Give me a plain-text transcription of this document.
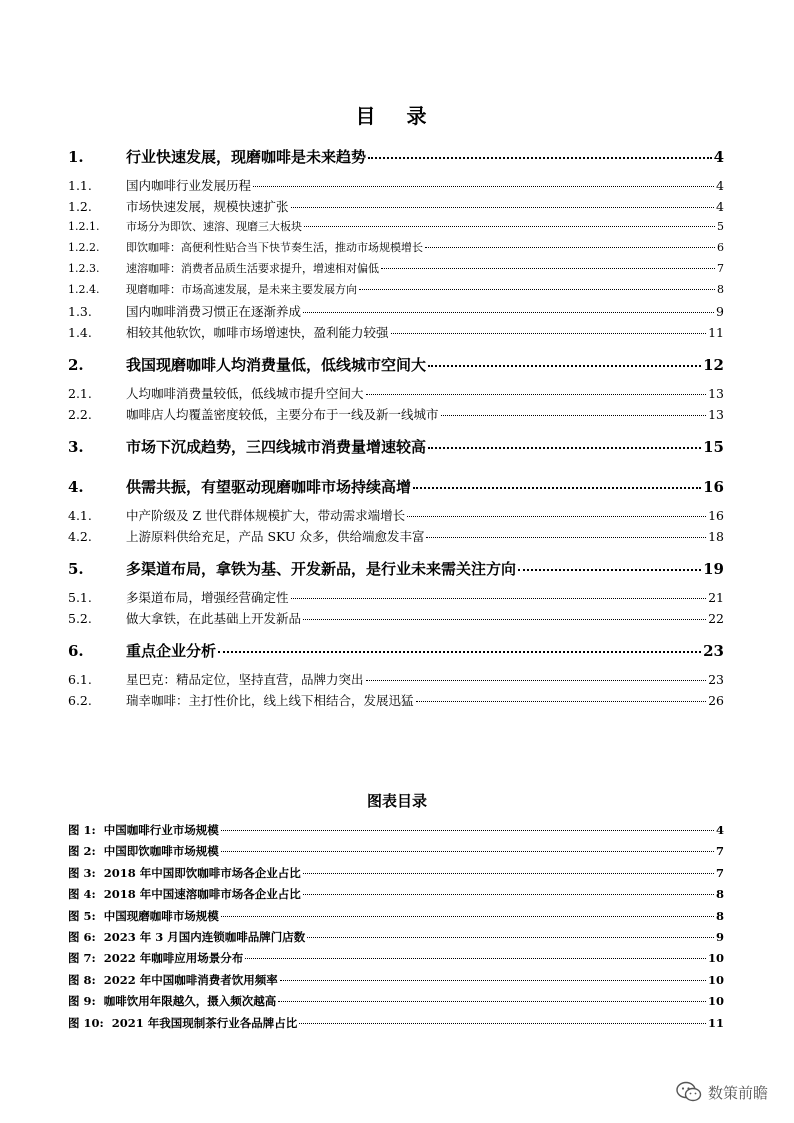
目 录
1.	行业快速发展，现磨咖啡是未来趋势	4
1.1.	国内咖啡行业发展历程	4
1.2.	市场快速发展，规模快速扩张	4
1.2.1.	市场分为即饮、速溶、现磨三大板块	5
1.2.2.	即饮咖啡：高便利性贴合当下快节奏生活，推动市场规模增长	6
1.2.3.	速溶咖啡：消费者品质生活要求提升，增速相对偏低	7
1.2.4.	现磨咖啡：市场高速发展，是未来主要发展方向	8
1.3.	国内咖啡消费习惯正在逐渐养成	9
1.4.	相较其他软饮，咖啡市场增速快，盈利能力较强	11
2.	我国现磨咖啡人均消费量低，低线城市空间大	12
2.1.	人均咖啡消费量较低，低线城市提升空间大	13
2.2.	咖啡店人均覆盖密度较低，主要分布于一线及新一线城市	13
3.	市场下沉成趋势，三四线城市消费量增速较高	15
4.	供需共振，有望驱动现磨咖啡市场持续高增	16
4.1.	中产阶级及 Z 世代群体规模扩大，带动需求端增长	16
4.2.	上游原料供给充足，产品 SKU 众多，供给端愈发丰富	18
5.	多渠道布局，拿铁为基、开发新品，是行业未来需关注方向	19
5.1.	多渠道布局，增强经营确定性	21
5.2.	做大拿铁，在此基础上开发新品	22
6.	重点企业分析	23
6.1.	星巴克：精品定位，坚持直营，品牌力突出	23
6.2.	瑞幸咖啡：主打性价比，线上线下相结合，发展迅猛	26
图表目录
图 1: 中国咖啡行业市场规模	4
图 2: 中国即饮咖啡市场规模	7
图 3: 2018 年中国即饮咖啡市场各企业占比	7
图 4: 2018 年中国速溶咖啡市场各企业占比	8
图 5: 中国现磨咖啡市场规模	8
图 6: 2023 年 3 月国内连锁咖啡品牌门店数	9
图 7: 2022 年咖啡应用场景分布	10
图 8: 2022 年中国咖啡消费者饮用频率	10
图 9: 咖啡饮用年限越久，摄入频次越高	10
图 10: 2021 年我国现制茶行业各品牌占比	11
数策前瞻
